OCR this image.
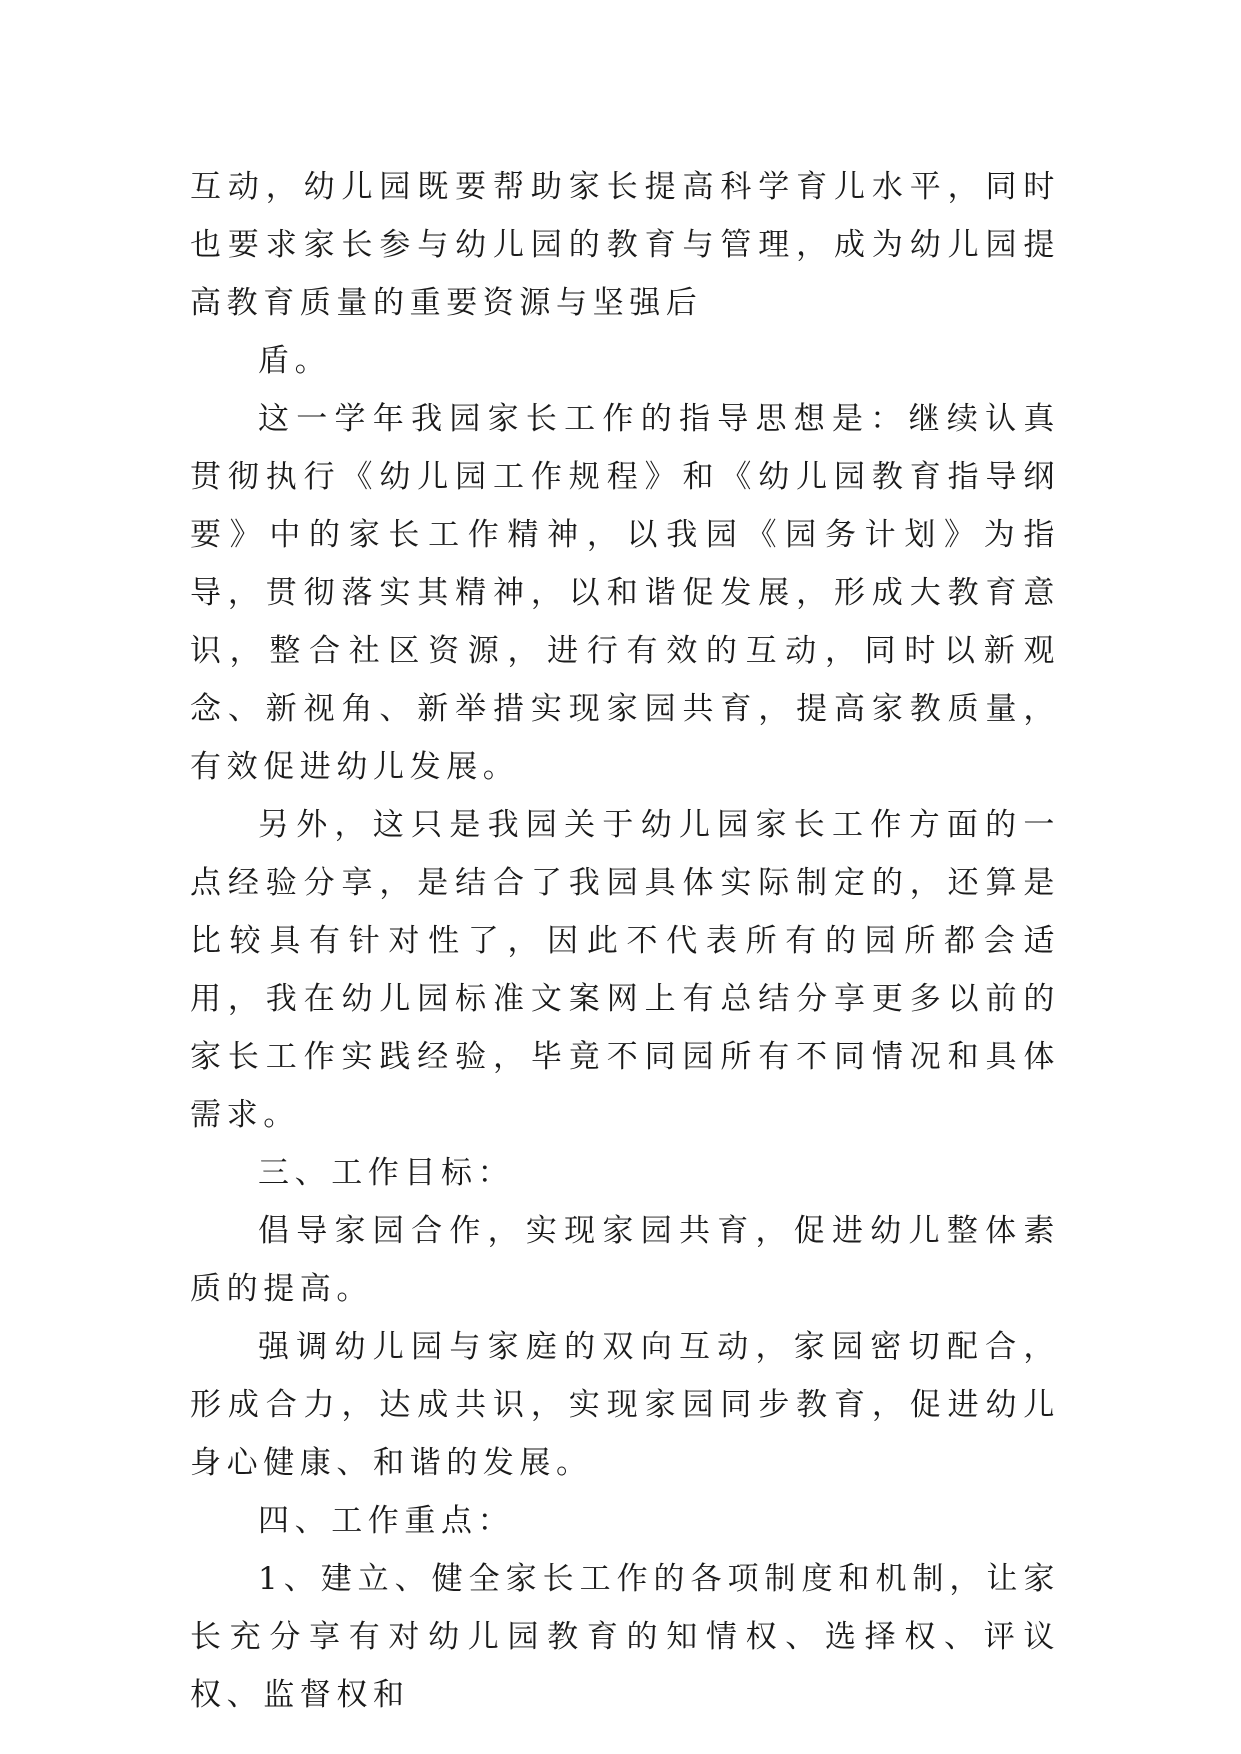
互动，幼儿园既要帮助家长提高科学育儿水平，同时也要求家长参与幼儿园的教育与管理，成为幼儿园提高教育质量的重要资源与坚强后

盾。

这一学年我园家长工作的指导思想是：继续认真贯彻执行《幼儿园工作规程》和《幼儿园教育指导纲要》中的家长工作精神，以我园《园务计划》为指导，贯彻落实其精神，以和谐促发展，形成大教育意识，整合社区资源，进行有效的互动，同时以新观念、新视角、新举措实现家园共育，提高家教质量，有效促进幼儿发展。

另外，这只是我园关于幼儿园家长工作方面的一点经验分享，是结合了我园具体实际制定的，还算是比较具有针对性了，因此不代表所有的园所都会适用，我在幼儿园标准文案网上有总结分享更多以前的家长工作实践经验，毕竟不同园所有不同情况和具体需求。

三、工作目标：

倡导家园合作，实现家园共育，促进幼儿整体素质的提高。

强调幼儿园与家庭的双向互动，家园密切配合，形成合力，达成共识，实现家园同步教育，促进幼儿身心健康、和谐的发展。

四、工作重点：

1、建立、健全家长工作的各项制度和机制，让家长充分享有对幼儿园教育的知情权、选择权、评议权、监督权和
